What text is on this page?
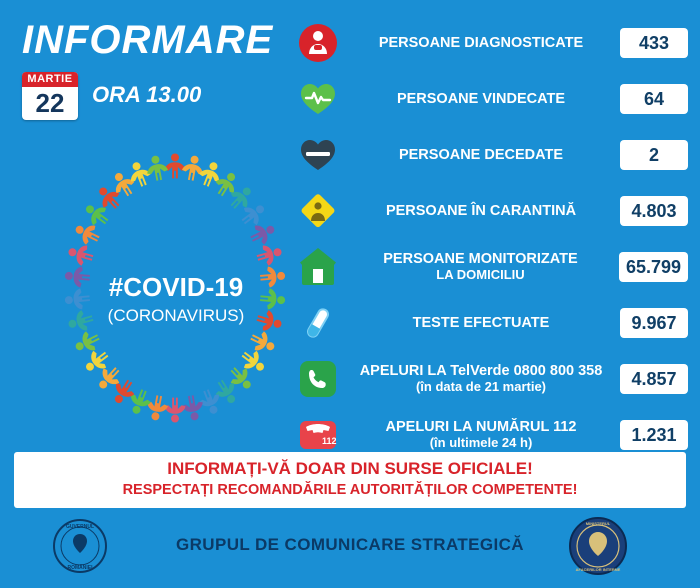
INFORMARE
MARTIE
22	ORA 13.00
#COVID-19
(CORONAVIRUS)
PERSOANE DIAGNOSTICATE	433
PERSOANE VINDECATE	64
PERSOANE DECEDATE	2
PERSOANE ÎN CARANTINĂ	4.803
PERSOANE MONITORIZATE
LA DOMICILIU	65.799
TESTE EFECTUATE	9.967
APELURI LA TelVerde 0800 800 358
(în data de 21 martie)	4.857
112
APELURI LA NUMĂRUL 112
(în ultimele 24 h)	1.231
INFORMAȚI-VĂ DOAR DIN SURSE OFICIALE!
RESPECTAȚI RECOMANDĂRILE AUTORITĂȚILOR COMPETENTE!
GUVERNUL
ROMÂNIEI
MINISTERUL
AFACERILOR INTERNE
GRUPUL DE COMUNICARE STRATEGICĂ
